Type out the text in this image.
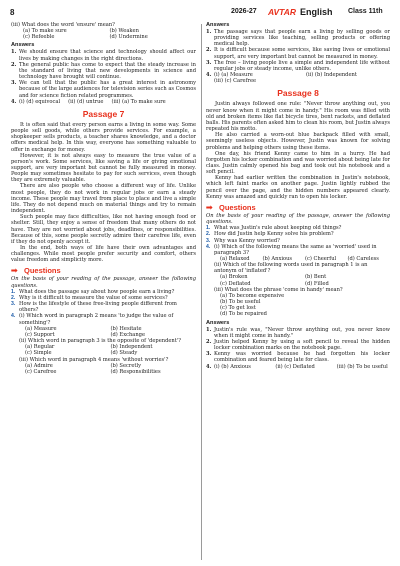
8	2026-27 AVTAR English Class 11th

(iii) What does the word 'ensure' mean?

(a) To make sure	(b) Weaken
(c) Refeeble	(d) Undermine
Answers
1. We should ensure that science and technology should affect our lives by making changes in the right directions.
2. The general public has come to expect that the steady increase in the standard of living that new developments in science and technology have brought will continue.
3. We can tell that the public has a great interest in astronomy because of the large audiences for television series such as Cosmos and for science fiction related programmes.
4. (i) (d) equivocal (ii) (d) untrue (iii) (a) To make sure
Passage 7

It is often said that every person earns a living in some way. Some people sell goods, while others provide services. For example, a shopkeeper sells products, a teacher shares knowledge, and a doctor offers medical help. In this way, everyone has something valuable to offer in exchange for money.

However, it is not always easy to measure the true value of a person's work. Some services, like saving a life or giving emotional support, are very important but cannot be fully measured in money. People may sometimes hesitate to pay for such services, even though they are extremely valuable.

There are also people who choose a different way of life. Unlike most people, they do not work in regular jobs or earn a steady income. These people may travel from place to place and live a simple life. They do not depend much on material things and try to remain independent.

Such people may face difficulties, like not having enough food or shelter. Still, they enjoy a sense of freedom that many others do not have. They are not worried about jobs, deadlines, or responsibilities. Because of this, some people secretly admire their carefree life, even if they do not openly accept it.

In the end, both ways of life have their own advantages and challenges. While most people prefer security and comfort, others value freedom and simplicity more.

➟ Questions

On the basis of your reading of the passage, answer the following questions.

1. What does the passage say about how people earn a living?
2. Why is it difficult to measure the value of some services?
3. How is the lifestyle of these free-living people different from others?
4. (i) Which word in paragraph 2 means 'to judge the value of something'?
(a) Measure	(b) Hesitate
(c) Support	(d) Exchange
(ii) Which word in paragraph 3 is the opposite of 'dependent'?
(a) Regular	(b) Independent
(c) Simple	(d) Steady
(iii) Which word in paragraph 4 means 'without worries'?
(a) Admire	(b) Secretly
(c) Carefree	(d) Responsibilities
Answers
1. The passage says that people earn a living by selling goods or providing services like teaching, selling products or offering medical help.
2. It is difficult because some services, like saving lives or emotional support, are very important but cannot be measured in money.
3. The free – living people live a simple and independent life without regular jobs or steady income, unlike others.
4. (i) (a) Measure	(ii) (b) Independent
(iii) (c) Carefree
Passage 8

Justin always followed one rule: "Never throw anything out, you never know when it might come in handy." His room was filled with old and broken items like flat bicycle tires, bent rackets, and deflated balls. His parents often asked him to clean his room, but Justin always repeated his motto.

He also carried a worn-out blue backpack filled with small, seemingly useless objects. However, Justin was known for solving problems and helping others using these items.

One day, his friend Kenny came to him in a hurry. He had forgotten his locker combination and was worried about being late for class. Justin calmly opened his bag and took out his notebook and a soft pencil.

Kenny had earlier written the combination in Justin's notebook, which left faint marks on another page. Justin lightly rubbed the pencil over the page, and the hidden numbers appeared clearly. Kenny was amazed and quickly ran to open his locker.

➟ Questions

On the basis of your reading of the passage, answer the following questions.

1. What was Justin's rule about keeping old things?
2. How did Justin help Kenny solve his problem?
3. Why was Kenny worried?
4. (i) Which of the following means the same as 'worried' used in paragraph 3?
(a) Relaxed	(b) Anxious	(c) Cheerful	(d) Careless
(ii) Which of the following words used in paragraph 1 is an antonym of 'inflated'?
(a) Broken	(b) Bent
(c) Deflated	(d) Filled
(iii) What does the phrase 'come in handy' mean?
(a) To become expensive
(b) To be useful
(c) To get lost
(d) To be repaired
Answers
1. Justin's rule was, "Never throw anything out, you never know when it might come in handy."
2. Justin helped Kenny by using a soft pencil to reveal the hidden locker combination marks on the notebook page.
3. Kenny was worried because he had forgotten his locker combination and feared being late for class.
4. (i) (b) Anxious	(ii) (c) Deflated	(iii) (b) To be useful
